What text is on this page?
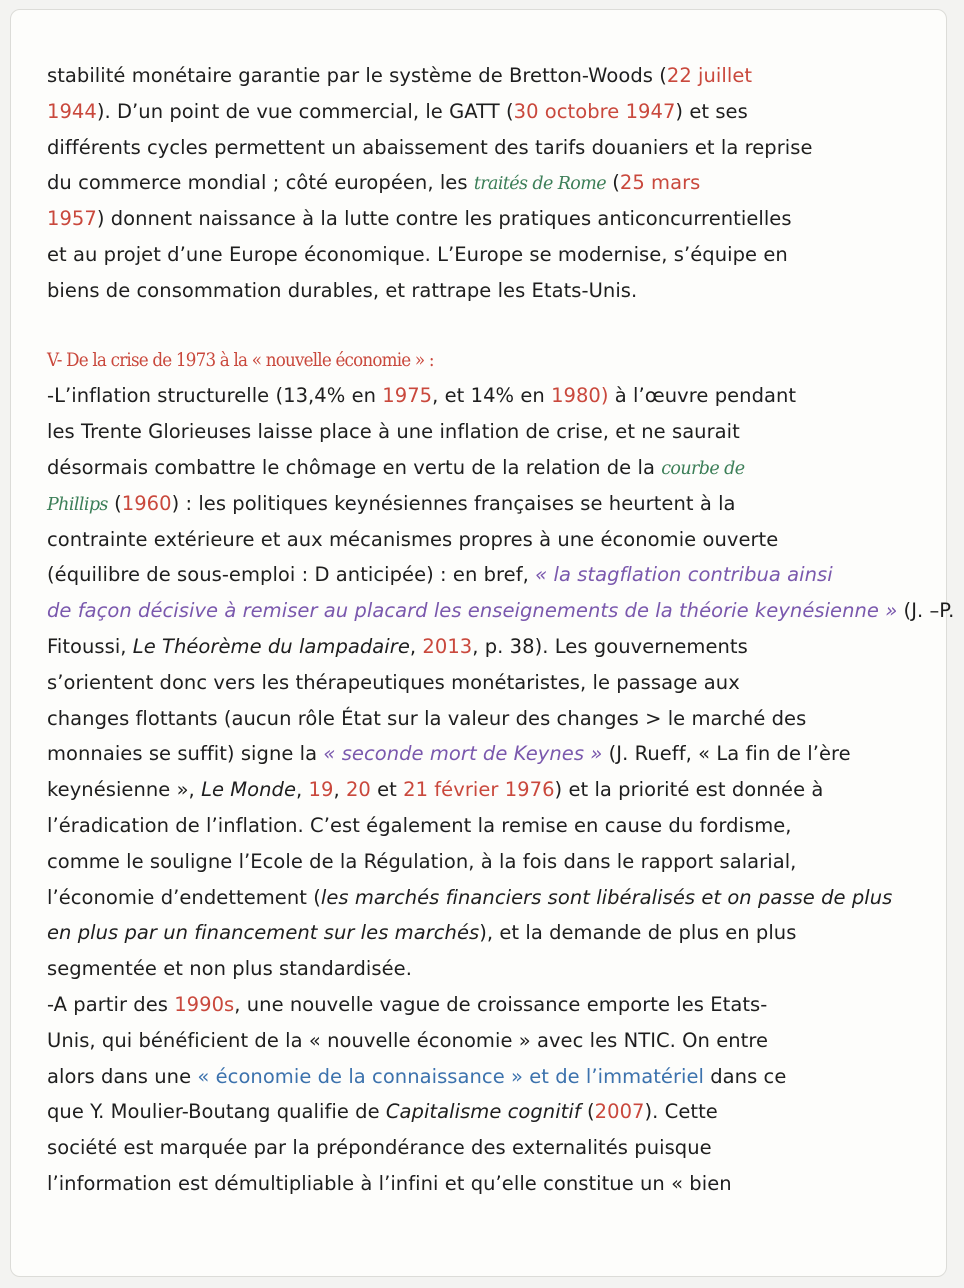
stabilité monétaire garantie par le système de Bretton-Woods (22 juillet
1944). D’un point de vue commercial, le GATT (30 octobre 1947) et ses
différents cycles permettent un abaissement des tarifs douaniers et la reprise
du commerce mondial ; côté européen, les traités de Rome (25 mars
1957) donnent naissance à la lutte contre les pratiques anticoncurrentielles
et au projet d’une Europe économique. L’Europe se modernise, s’équipe en
biens de consommation durables, et rattrape les Etats-Unis.
V- De la crise de 1973 à la « nouvelle économie » :
-L’inflation structurelle (13,4% en 1975, et 14% en 1980) à l’œuvre pendant
les Trente Glorieuses laisse place à une inflation de crise, et ne saurait
désormais combattre le chômage en vertu de la relation de la courbe de
Phillips (1960) : les politiques keynésiennes françaises se heurtent à la
contrainte extérieure et aux mécanismes propres à une économie ouverte
(équilibre de sous-emploi : D anticipée) : en bref, « la stagflation contribua ainsi
de façon décisive à remiser au placard les enseignements de la théorie keynésienne » (J. –P.
Fitoussi, Le Théorème du lampadaire, 2013, p. 38). Les gouvernements
s’orientent donc vers les thérapeutiques monétaristes, le passage aux
changes flottants (aucun rôle État sur la valeur des changes > le marché des
monnaies se suffit) signe la « seconde mort de Keynes » (J. Rueff, « La fin de l’ère
keynésienne », Le Monde, 19, 20 et 21 février 1976) et la priorité est donnée à
l’éradication de l’inflation. C’est également la remise en cause du fordisme,
comme le souligne l’Ecole de la Régulation, à la fois dans le rapport salarial,
l’économie d’endettement (les marchés financiers sont libéralisés et on passe de plus
en plus par un financement sur les marchés), et la demande de plus en plus
segmentée et non plus standardisée.
-A partir des 1990s, une nouvelle vague de croissance emporte les Etats-
Unis, qui bénéficient de la « nouvelle économie » avec les NTIC. On entre
alors dans une « économie de la connaissance » et de l’immatériel dans ce
que Y. Moulier-Boutang qualifie de Capitalisme cognitif (2007). Cette
société est marquée par la prépondérance des externalités puisque
l’information est démultipliable à l’infini et qu’elle constitue un « bien
